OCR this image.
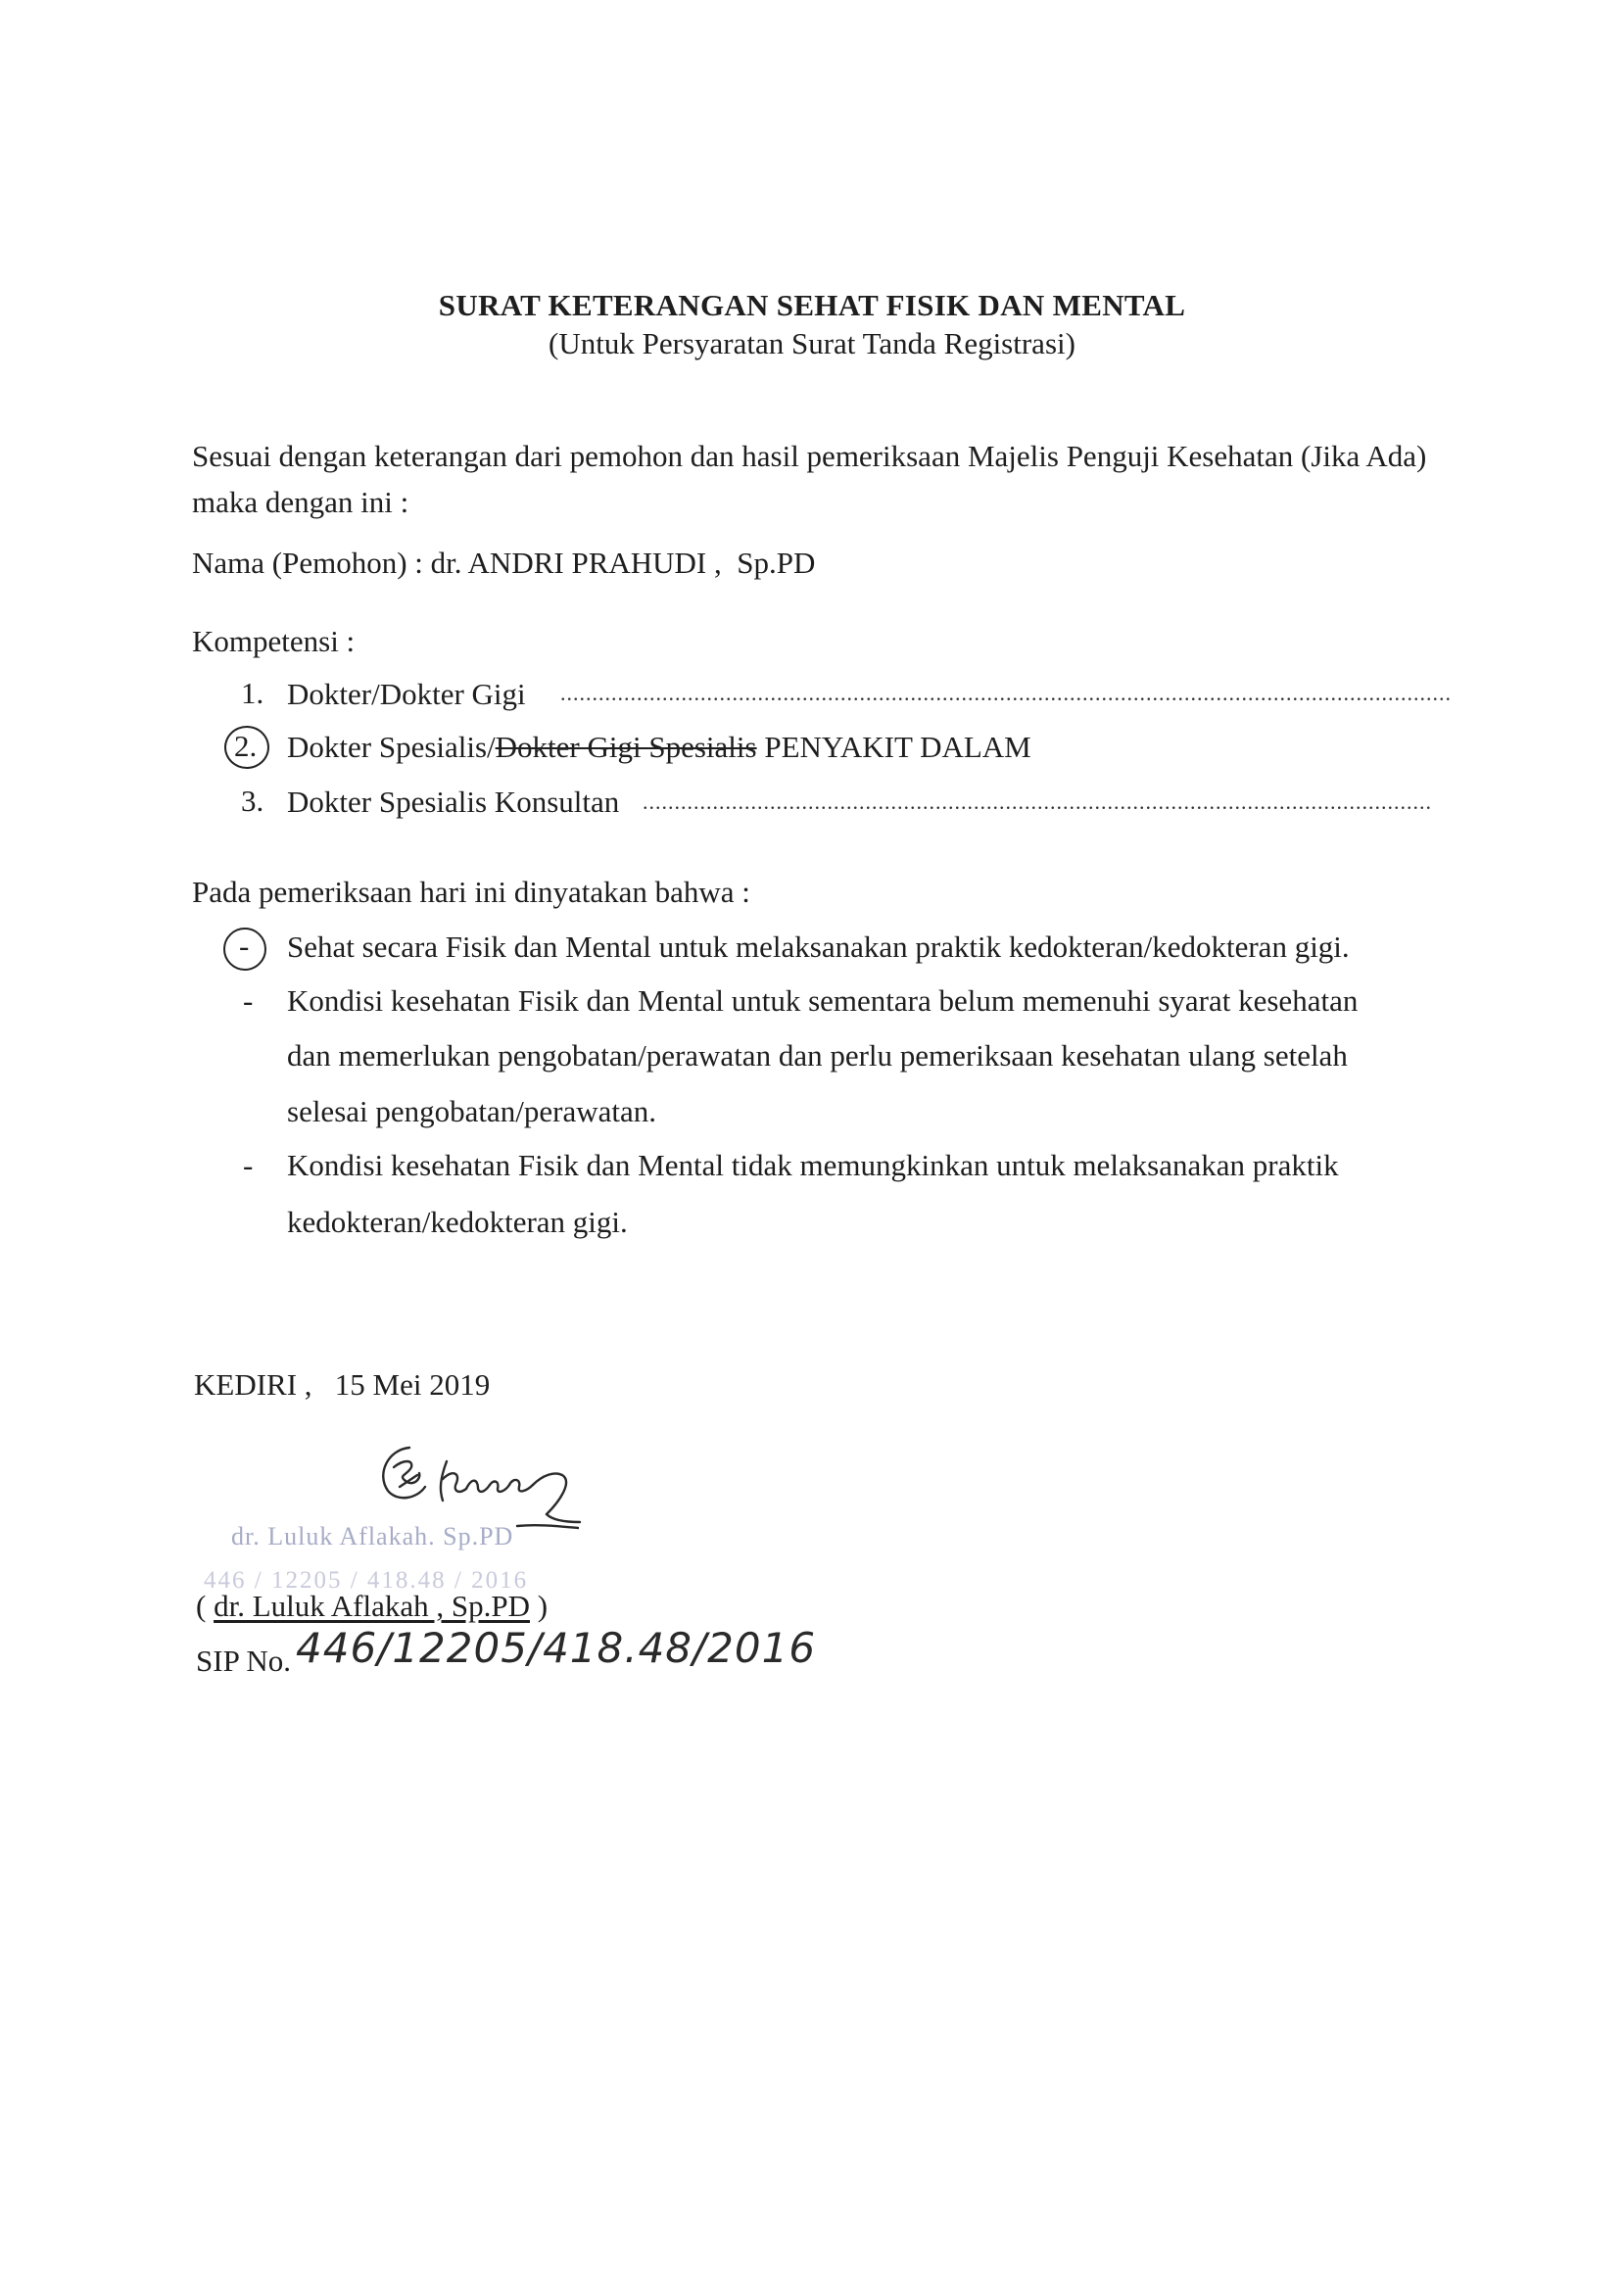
SURAT KETERANGAN SEHAT FISIK DAN MENTAL
(Untuk Persyaratan Surat Tanda Registrasi)
Sesuai dengan keterangan dari pemohon dan hasil pemeriksaan Majelis Penguji Kesehatan (Jika Ada) maka dengan ini :
Nama (Pemohon) : dr. ANDRI PRAHUDI ,  Sp.PD
Kompetensi :
1. Dokter/Dokter Gigi ............................................................................................................................................
2. Dokter Spesialis/Dokter Gigi Spesialis PENYAKIT DALAM
3. Dokter Spesialis Konsultan ............................................................................................................................
Pada pemeriksaan hari ini dinyatakan bahwa :
- Sehat secara Fisik dan Mental untuk melaksanakan praktik kedokteran/kedokteran gigi.
- Kondisi kesehatan Fisik dan Mental untuk sementara belum memenuhi syarat kesehatan
dan memerlukan pengobatan/perawatan dan perlu pemeriksaan kesehatan ulang setelah
selesai pengobatan/perawatan.
- Kondisi kesehatan Fisik dan Mental tidak memungkinkan untuk melaksanakan praktik
kedokteran/kedokteran gigi.
KEDIRI ,   15 Mei 2019
dr. Luluk Aflakah. Sp.PD
446 / 12205 / 418.48 / 2016
( dr. Luluk Aflakah , Sp.PD )
SIP No. 446/12205/418.48/2016
